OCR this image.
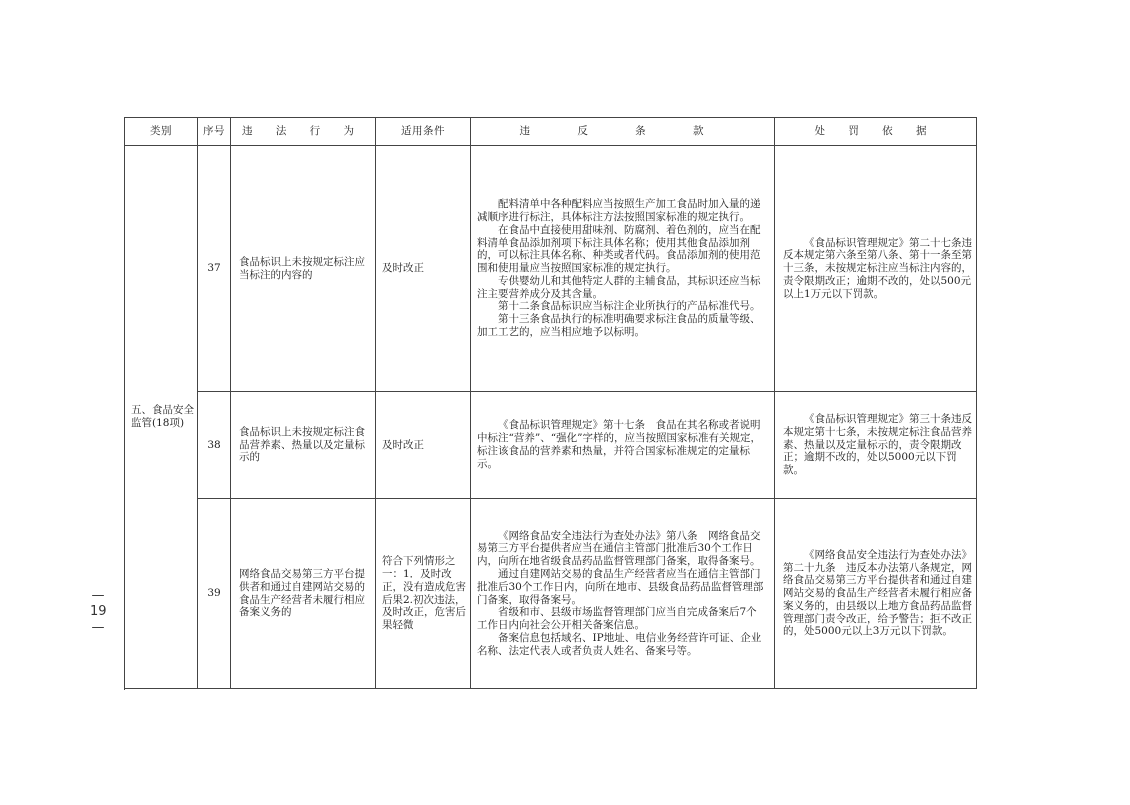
类别	序号	违 法 行 为	适用条件	违 反 条 款	处 罚 依 据
五、食品安全监管(18项)	37	食品标识上未按规定标注应当标注的内容的	及时改正	配料清单中各种配料应当按照生产加工食品时加入量的递减顺序进行标注，具体标注方法按照国家标准的规定执行。

在食品中直接使用甜味剂、防腐剂、着色剂的，应当在配料清单食品添加剂项下标注具体名称；使用其他食品添加剂的，可以标注具体名称、种类或者代码。食品添加剂的使用范围和使用量应当按照国家标准的规定执行。

专供婴幼儿和其他特定人群的主辅食品，其标识还应当标注主要营养成分及其含量。

第十二条食品标识应当标注企业所执行的产品标准代号。

第十三条食品执行的标准明确要求标注食品的质量等级、加工工艺的，应当相应地予以标明。	《食品标识管理规定》第二十七条违反本规定第六条至第八条、第十一条至第十三条，未按规定标注应当标注内容的，责令限期改正；逾期不改的，处以500元以上1万元以下罚款。

	38	食品标识上未按规定标注食品营养素、热量以及定量标示的	及时改正	《食品标识管理规定》第十七条　食品在其名称或者说明中标注“营养”、“强化”字样的，应当按照国家标准有关规定，标注该食品的营养素和热量，并符合国家标准规定的定量标示。	《食品标识管理规定》第三十条违反本规定第十七条，未按规定标注食品营养素、热量以及定量标示的，责令限期改正；逾期不改的，处以5000元以下罚款。

	39	网络食品交易第三方平台提供者和通过自建网站交易的食品生产经营者未履行相应备案义务的	符合下列情形之一：1．及时改正，没有造成危害后果2.初次违法，及时改正，危害后果轻微	《网络食品安全违法行为查处办法》第八条　网络食品交易第三方平台提供者应当在通信主管部门批准后30个工作日内，向所在地省级食品药品监督管理部门备案，取得备案号。

通过自建网站交易的食品生产经营者应当在通信主管部门批准后30个工作日内，向所在地市、县级食品药品监督管理部门备案，取得备案号。

省级和市、县级市场监督管理部门应当自完成备案后7个工作日内向社会公开相关备案信息。

备案信息包括域名、IP地址、电信业务经营许可证、企业名称、法定代表人或者负责人姓名、备案号等。	《网络食品安全违法行为查处办法》第二十九条　违反本办法第八条规定，网络食品交易第三方平台提供者和通过自建网站交易的食品生产经营者未履行相应备案义务的，由县级以上地方食品药品监督管理部门责令改正，给予警告；拒不改正的，处5000元以上3万元以下罚款。

— 19 —
